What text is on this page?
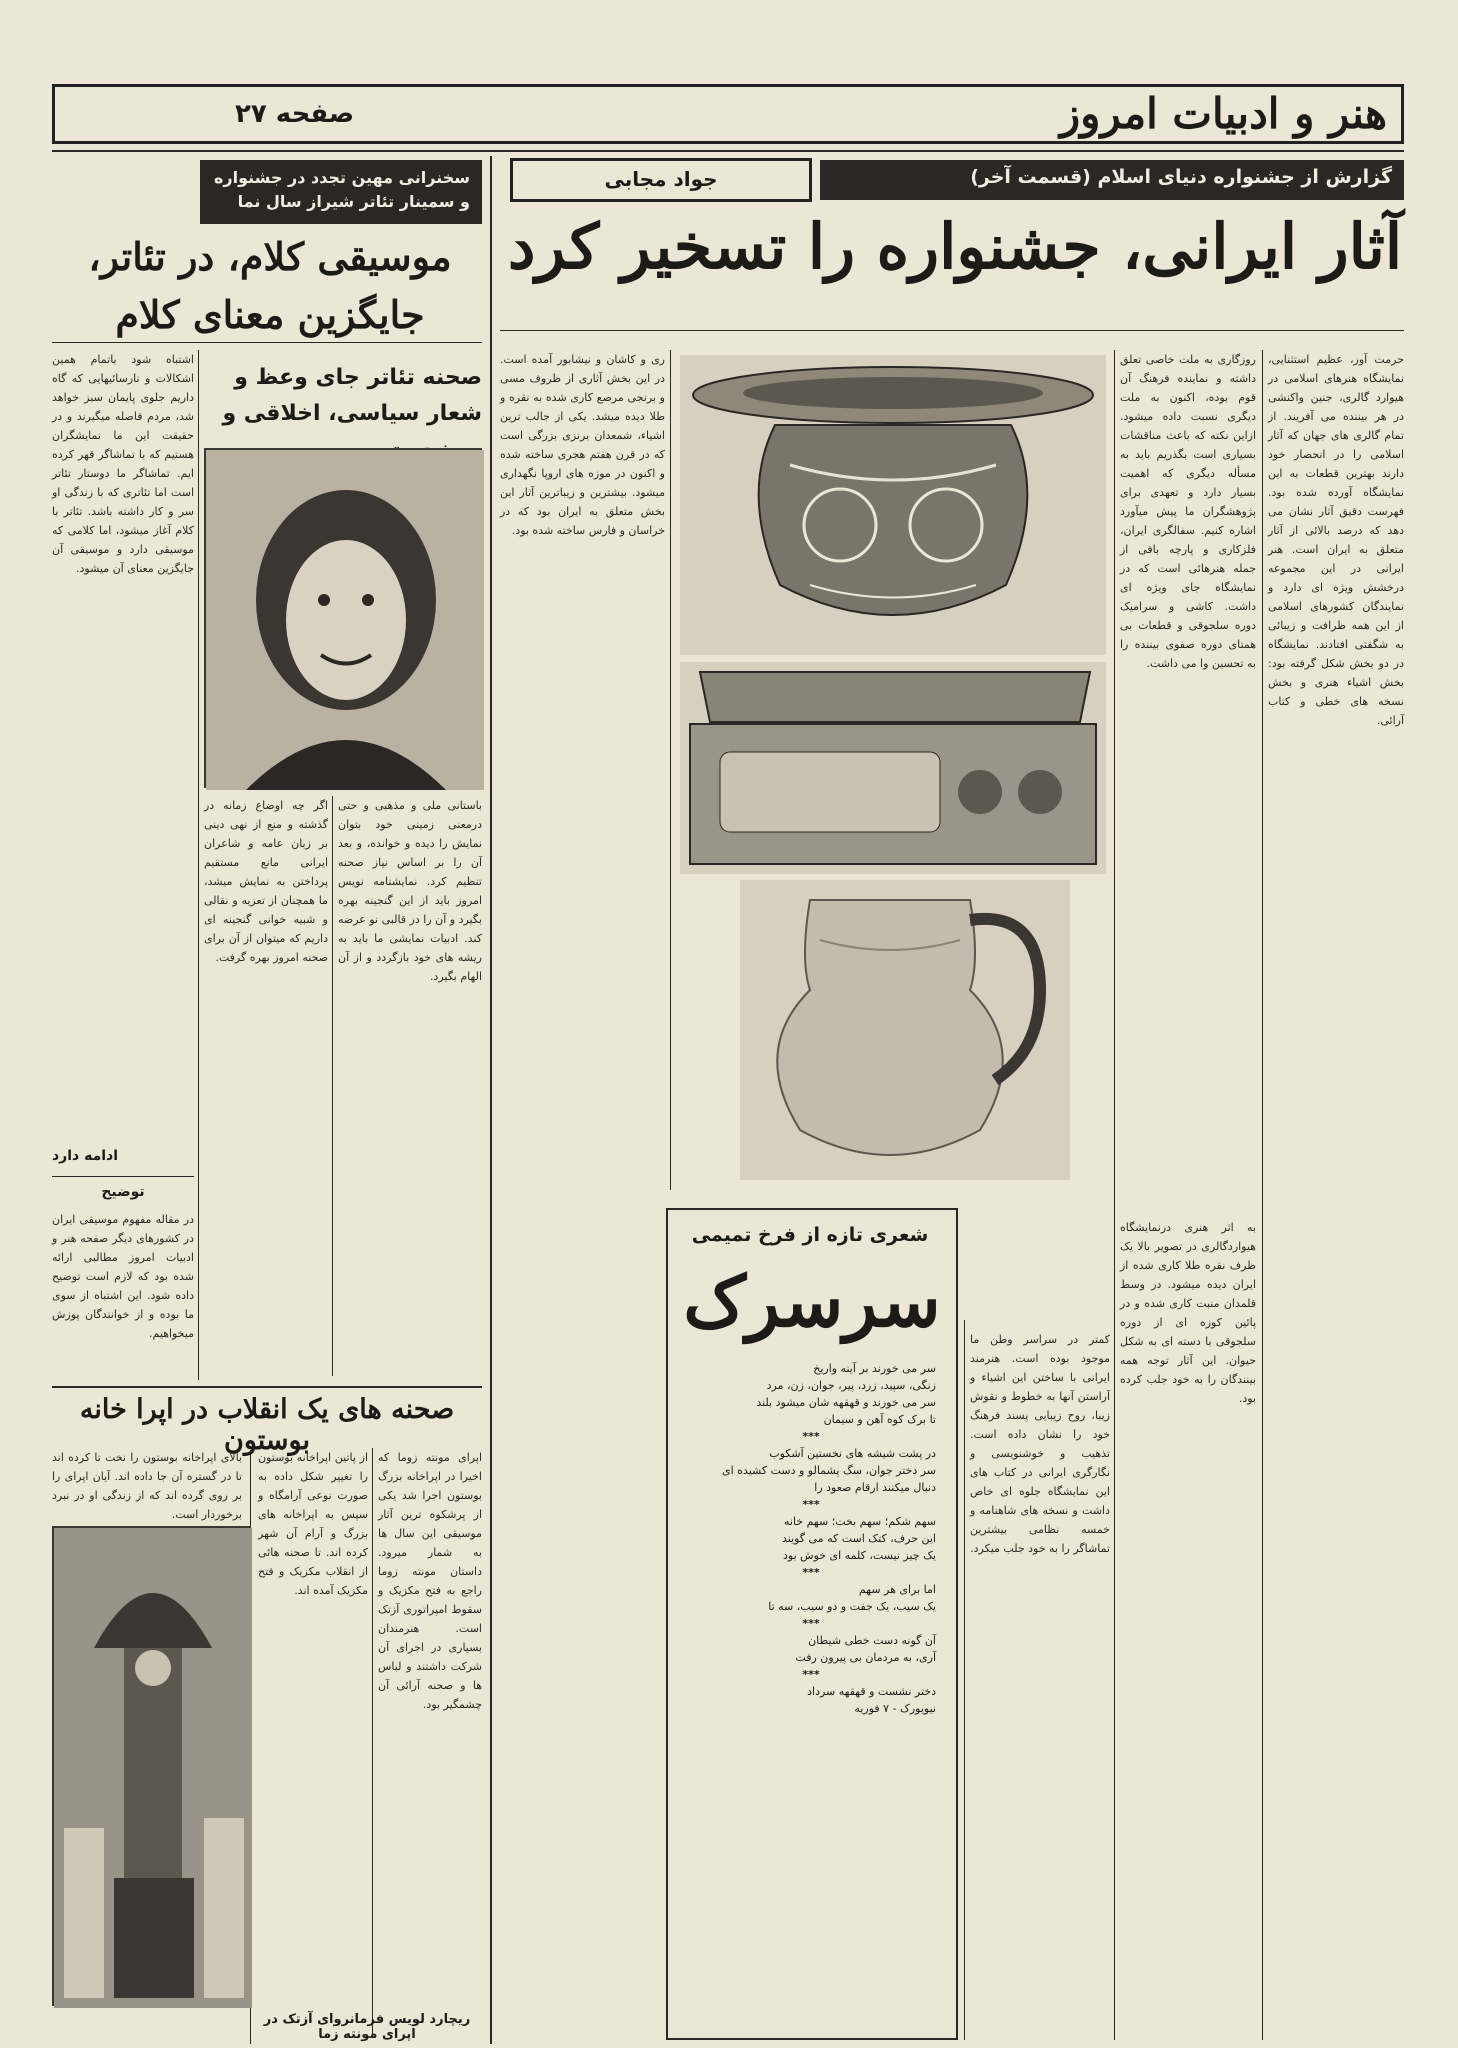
هنر و ادبیات امروز
صفحه ۲۷
گزارش از جشنواره دنیای اسلام (قسمت آخر)
جواد مجابی
آثار ایرانی، جشنواره را تسخیر کرد
حرمت آور، عظیم استثنایی، نمایشگاه هنرهای اسلامی در هیوارد گالری، جنین واکنشی در هر بیننده می آفریند. از تمام گالری های جهان که آثار اسلامی را در انحصار خود دارند بهترین قطعات به این نمایشگاه آورده شده بود. فهرست دقیق آثار نشان می دهد که درصد بالائی از آثار متعلق به ایران است. هنر ایرانی در این مجموعه درخشش ویژه ای دارد و نمایندگان کشورهای اسلامی از این همه ظرافت و زیبائی به شگفتی افتادند. نمایشگاه در دو بخش شکل گرفته بود: بخش اشیاء هنری و بخش نسخه های خطی و کتاب آرائی.
روزگاری به ملت خاصی تعلق داشته و نماینده فرهنگ آن قوم بوده، اکنون به ملت دیگری نسبت داده میشود. ازاین نکته که باعث مناقشات بسیاری است بگذریم باید به مسأله دیگری که اهمیت بسیار دارد و تعهدی برای پژوهشگران ما پیش میآورد اشاره کنیم. سفالگری ایران، فلزکاری و پارچه بافی از جمله هنرهائی است که در نمایشگاه جای ویژه ای داشت. کاشی و سرامیک دوره سلجوقی و قطعات بی همتای دوره صفوی بیننده را به تحسین وا می داشت.
ری و کاشان و نیشابور آمده است. در این بخش آثاری از ظروف مسی و برنجی مرصع کاری شده به نقره و طلا دیده میشد. یکی از جالب ترین اشیاء، شمعدان برنزی بزرگی است که در قرن هفتم هجری ساخته شده و اکنون در موزه های اروپا نگهداری میشود. بیشترین و زیباترین آثار این بخش متعلق به ایران بود که در خراسان و فارس ساخته شده بود.
به اثر هنری درنمایشگاه هیواردگالری در تصویر بالا یک ظرف نقره طلا کاری شده از ایران دیده میشود. در وسط قلمدان منبت کاری شده و در پائین کوزه ای از دوره سلجوقی با دسته ای به شکل حیوان. این آثار توجه همه بینندگان را به خود جلب کرده بود.
کمتر در سراسر وطن ما موجود بوده است. هنرمند ایرانی با ساختن این اشیاء و آراستن آنها به خطوط و نقوش زیبا، روح زیبایی پسند فرهنگ خود را نشان داده است. تذهیب و خوشنویسی و نگارگری ایرانی در کتاب های این نمایشگاه جلوه ای خاص داشت و نسخه های شاهنامه و خمسه نظامی بیشترین تماشاگر را به خود جلب میکرد.
شعری تازه از فرخ تمیمی
سرسرک
سر می خورند بر آینه واریخ
زنگی، سپید، زرد، پیر، جوان، زن، مرد
سر می خورند و قهقهه شان میشود بلند
تا برک کوه آهن و سیمان
***
در پشت شیشه های نخستین آشکوب
سر دختر جوان، سگ پشمالو و دست کشیده ای
دنبال میکنند ارقام صعود را
***
سهم شکم؛ سهم بخت؛ سهم خانه
این حرف، کتک است که می گویند
یک چیز نیست، کلمه ای خوش بود
***
اما برای هر سهم
یک سیب، یک جفت و دو سیب، سه تا
***
آن گونه دست خطی شیطان
آری، به مردمان بی پیرون رفت
***
دختر نشست و قهقهه سرداد
نیویورک - ۷ فوریه
سخنرانی مهین تجدد در جشنواره و سمینار تئاتر شیراز سال نما
موسیقی کلام، در تئاتر، جایگزین معنای کلام
صحنه تئاتر جای وعظ و شعار سیاسی، اخلاقی و
اشتباه شود باتمام همین اشکالات و نارسائیهایی که گاه داریم جلوی پایمان سبز خواهد شد، مردم فاصله میگیرند و در حقیقت این ما نمایشگران هستیم که با تماشاگر قهر کرده ایم. تماشاگر ما دوستار تئاتر است اما تئاتری که با زندگی او سر و کار داشته باشد. تئاتر با کلام آغاز میشود، اما کلامی که موسیقی دارد و موسیقی آن جایگزین معنای آن میشود.
باستانی ملی و مذهبی و حتی درمعنی زمینی خود بتوان نمایش را دیده و خوانده، و بعد آن را بر اساس نیاز صحنه تنظیم کرد. نمایشنامه نویس امروز باید از این گنجینه بهره بگیرد و آن را در قالبی نو عرضه کند. ادبیات نمایشی ما باید به ریشه های خود بازگردد و از آن الهام بگیرد.
اگر چه اوضاع زمانه در گذشته و منع از نهی دینی بر زبان عامه و شاعران ایرانی مانع مستقیم پرداختن به نمایش میشد، ما همچنان از تعزیه و نقالی و شبیه خوانی گنجینه ای داریم که میتوان از آن برای صحنه امروز بهره گرفت.
ادامه دارد
توضیح
در مقاله مفهوم موسیقی ایران در کشورهای دیگر صفحه هنر و ادبیات امروز مطالبی ارائه شده بود که لازم است توضیح داده شود. این اشتباه از سوی ما بوده و از خوانندگان پوزش میخواهیم.
صحنه های یک انقلاب در اپرا خانه بوستون
بالای اپراخانه بوستون را نخت تا کرده اند تا در گستره آن جا داده اند. آیان اپرای را بر روی گرده اند که از زندگی او در نبرد برخوردار است.
از پاتین اپراخانه بوستون را تغییر شکل داده به صورت نوعی آرامگاه و سپس به اپراخانه های بزرگ و آرام آن شهر کرده اند. تا صحنه هائی از انقلاب مکزیک و فتح مکزیک آمده اند.
اپرای مونته زوما که اخیرا در اپراخانه بزرگ بوستون اجرا شد یکی از پرشکوه ترین آثار موسیقی این سال ها به شمار میرود. داستان مونته زوما راجع به فتح مکزیک و سقوط امپراتوری آزتک است. هنرمندان بسیاری در اجرای آن شرکت داشتند و لباس ها و صحنه آرائی آن چشمگیر بود.
ریچارد لویس فرمانروای آزتک در اپرای مونته زما
